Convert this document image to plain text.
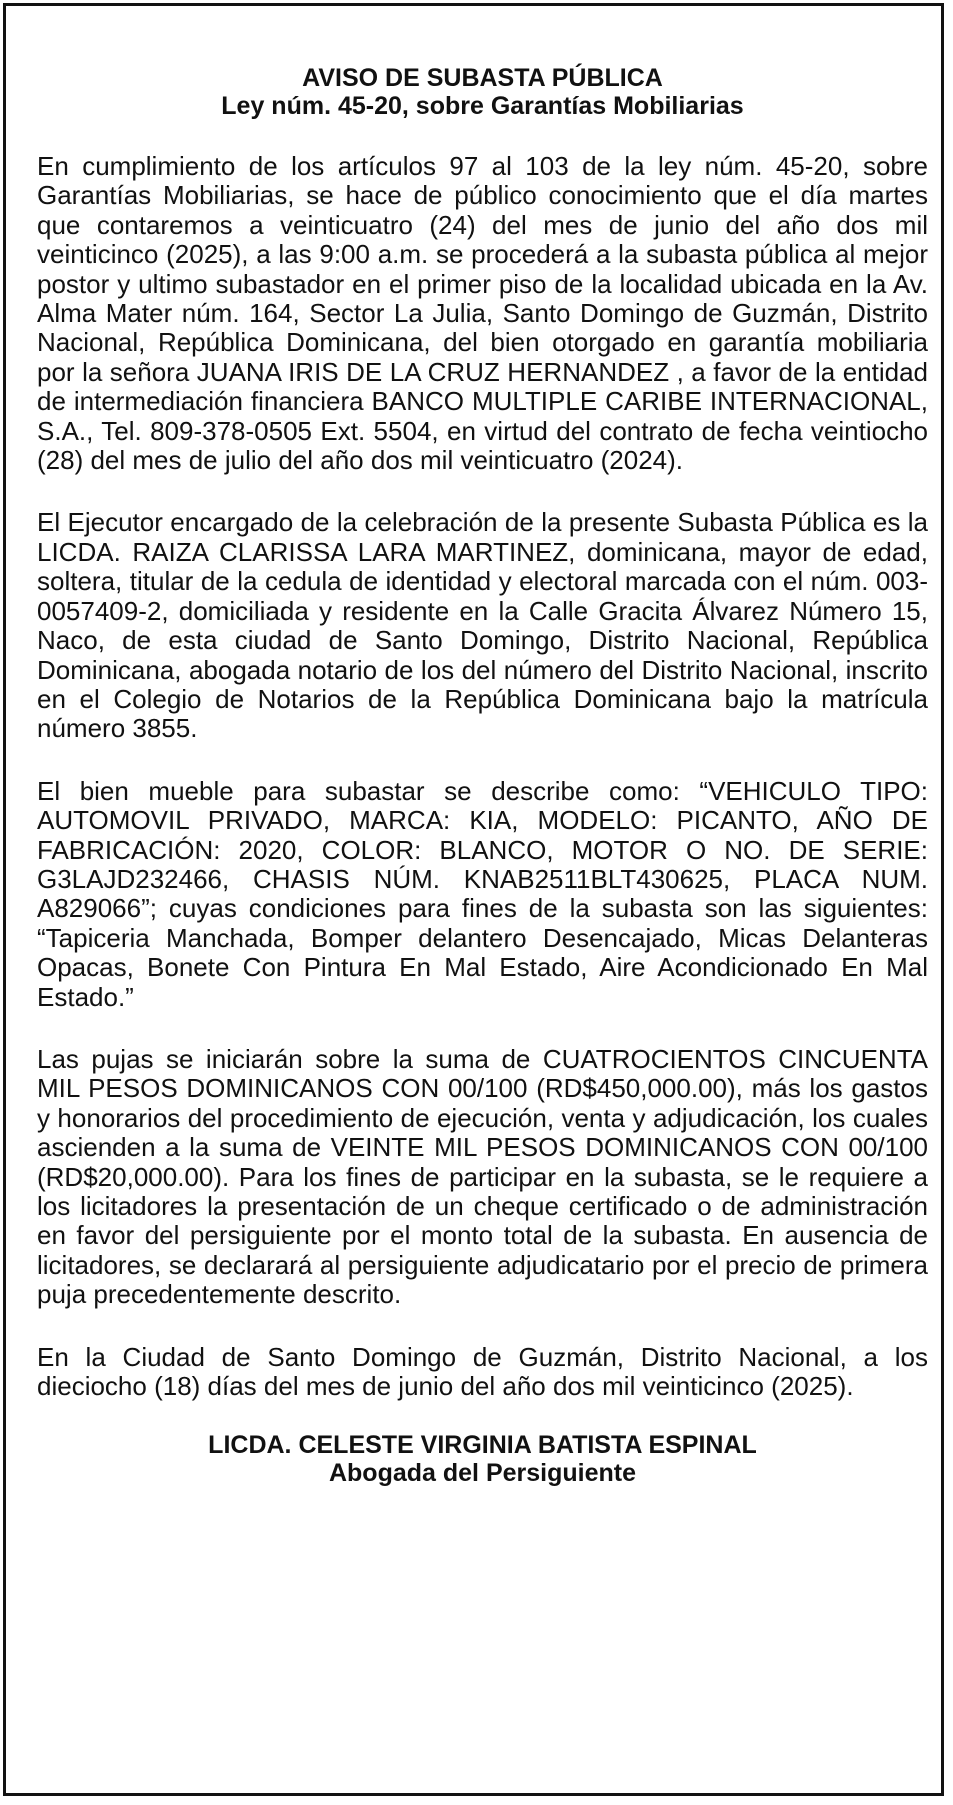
AVISO DE SUBASTA PÚBLICA

Ley núm. 45-20, sobre Garantías Mobiliarias

En cumplimiento de los artículos 97 al 103 de la ley núm. 45-20, sobre Garantías Mobiliarias, se hace de público conocimiento que el día martes que contaremos a veinticuatro (24) del mes de junio del año dos mil veinticinco (2025), a las 9:00 a.m. se procederá a la subasta pública al mejor postor y ultimo subastador en el primer piso de la localidad ubicada en la Av. Alma Mater núm. 164, Sector La Julia, Santo Domingo de Guzmán, Distrito Nacional, República Dominicana, del bien otorgado en garantía mobiliaria por la señora JUANA IRIS DE LA CRUZ HERNANDEZ , a favor de la entidad de intermediación financiera BANCO MULTIPLE CARIBE INTERNACIONAL, S.A., Tel. 809-378-0505 Ext. 5504, en virtud del contrato de fecha veintiocho (28) del mes de julio del año dos mil veinticuatro (2024).

El Ejecutor encargado de la celebración de la presente Subasta Pública es la LICDA. RAIZA CLARISSA LARA MARTINEZ, dominicana, mayor de edad, soltera, titular de la cedula de identidad y electoral marcada con el núm. 003-0057409-2, domiciliada y residente en la Calle Gracita Álvarez Número 15, Naco, de esta ciudad de Santo Domingo, Distrito Nacional, República Dominicana, abogada notario de los del número del Distrito Nacional, inscrito en el Colegio de Notarios de la República Dominicana bajo la matrícula número 3855.

El bien mueble para subastar se describe como: “VEHICULO TIPO: AUTOMOVIL PRIVADO, MARCA: KIA, MODELO: PICANTO, AÑO DE FABRICACIÓN: 2020, COLOR: BLANCO, MOTOR O NO. DE SERIE: G3LAJD232466, CHASIS NÚM. KNAB2511BLT430625, PLACA NUM. A829066”; cuyas condiciones para fines de la subasta son las siguientes: “Tapiceria Manchada, Bomper delantero Desencajado, Micas Delanteras Opacas, Bonete Con Pintura En Mal Estado, Aire Acondicionado En Mal Estado.”

Las pujas se iniciarán sobre la suma de CUATROCIENTOS CINCUENTA MIL PESOS DOMINICANOS CON 00/100 (RD$450,000.00), más los gastos y honorarios del procedimiento de ejecución, venta y adjudicación, los cuales ascienden a la suma de VEINTE MIL PESOS DOMINICANOS CON 00/100 (RD$20,000.00). Para los fines de participar en la subasta, se le requiere a los licitadores la presentación de un cheque certificado o de administración en favor del persiguiente por el monto total de la subasta. En ausencia de licitadores, se declarará al persiguiente adjudicatario por el precio de primera puja precedentemente descrito.

En la Ciudad de Santo Domingo de Guzmán, Distrito Nacional, a los dieciocho (18) días del mes de junio del año dos mil veinticinco (2025).

LICDA. CELESTE VIRGINIA BATISTA ESPINAL

Abogada del Persiguiente
